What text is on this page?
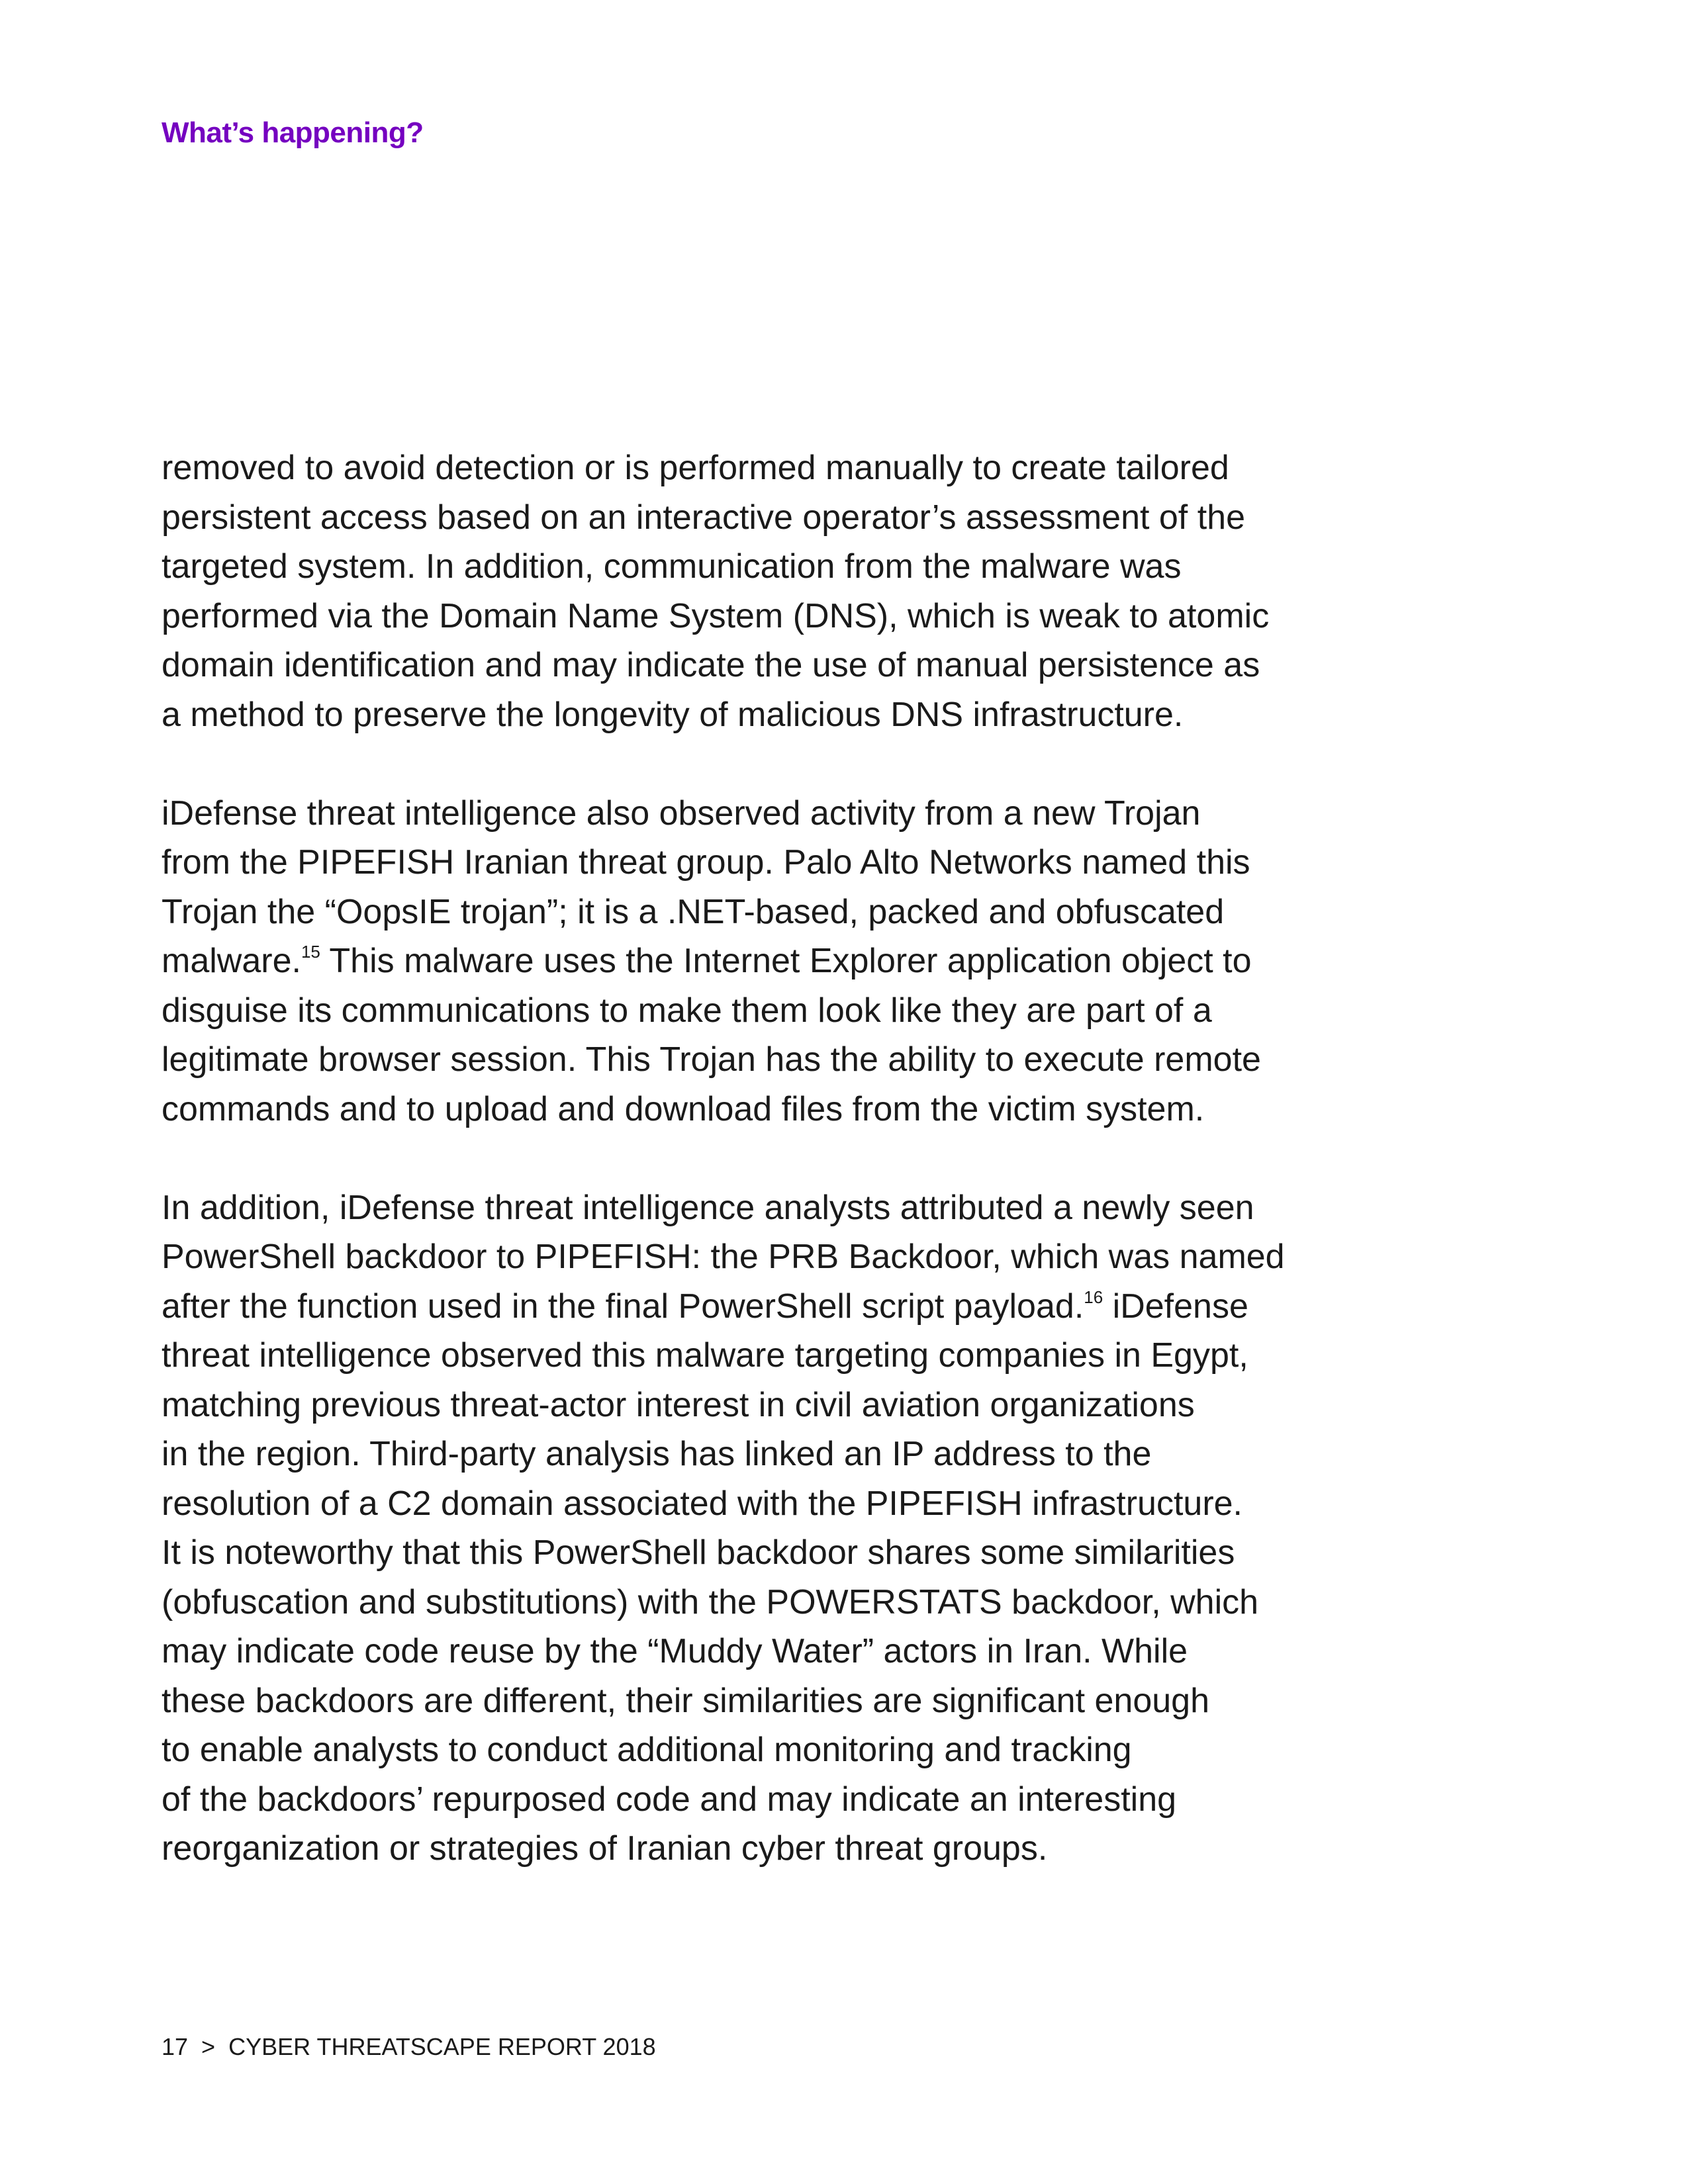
What’s happening?

removed to avoid detection or is performed manually to create tailored
persistent access based on an interactive operator’s assessment of the
targeted system. In addition, communication from the malware was
performed via the Domain Name System (DNS), which is weak to atomic
domain identification and may indicate the use of manual persistence as
a method to preserve the longevity of malicious DNS infrastructure.

iDefense threat intelligence also observed activity from a new Trojan
from the PIPEFISH Iranian threat group. Palo Alto Networks named this
Trojan the “OopsIE trojan”; it is a .NET-based, packed and obfuscated
malware.$^{15}$ This malware uses the Internet Explorer application object to
disguise its communications to make them look like they are part of a
legitimate browser session. This Trojan has the ability to execute remote
commands and to upload and download files from the victim system.

In addition, iDefense threat intelligence analysts attributed a newly seen
PowerShell backdoor to PIPEFISH: the PRB Backdoor, which was named
after the function used in the final PowerShell script payload.$^{16}$ iDefense
threat intelligence observed this malware targeting companies in Egypt,
matching previous threat-actor interest in civil aviation organizations
in the region. Third-party analysis has linked an IP address to the
resolution of a C2 domain associated with the PIPEFISH infrastructure.
It is noteworthy that this PowerShell backdoor shares some similarities
(obfuscation and substitutions) with the POWERSTATS backdoor, which
may indicate code reuse by the “Muddy Water” actors in Iran. While
these backdoors are different, their similarities are significant enough
to enable analysts to conduct additional monitoring and tracking
of the backdoors’ repurposed code and may indicate an interesting
reorganization or strategies of Iranian cyber threat groups.

17 > CYBER THREATSCAPE REPORT 2018
